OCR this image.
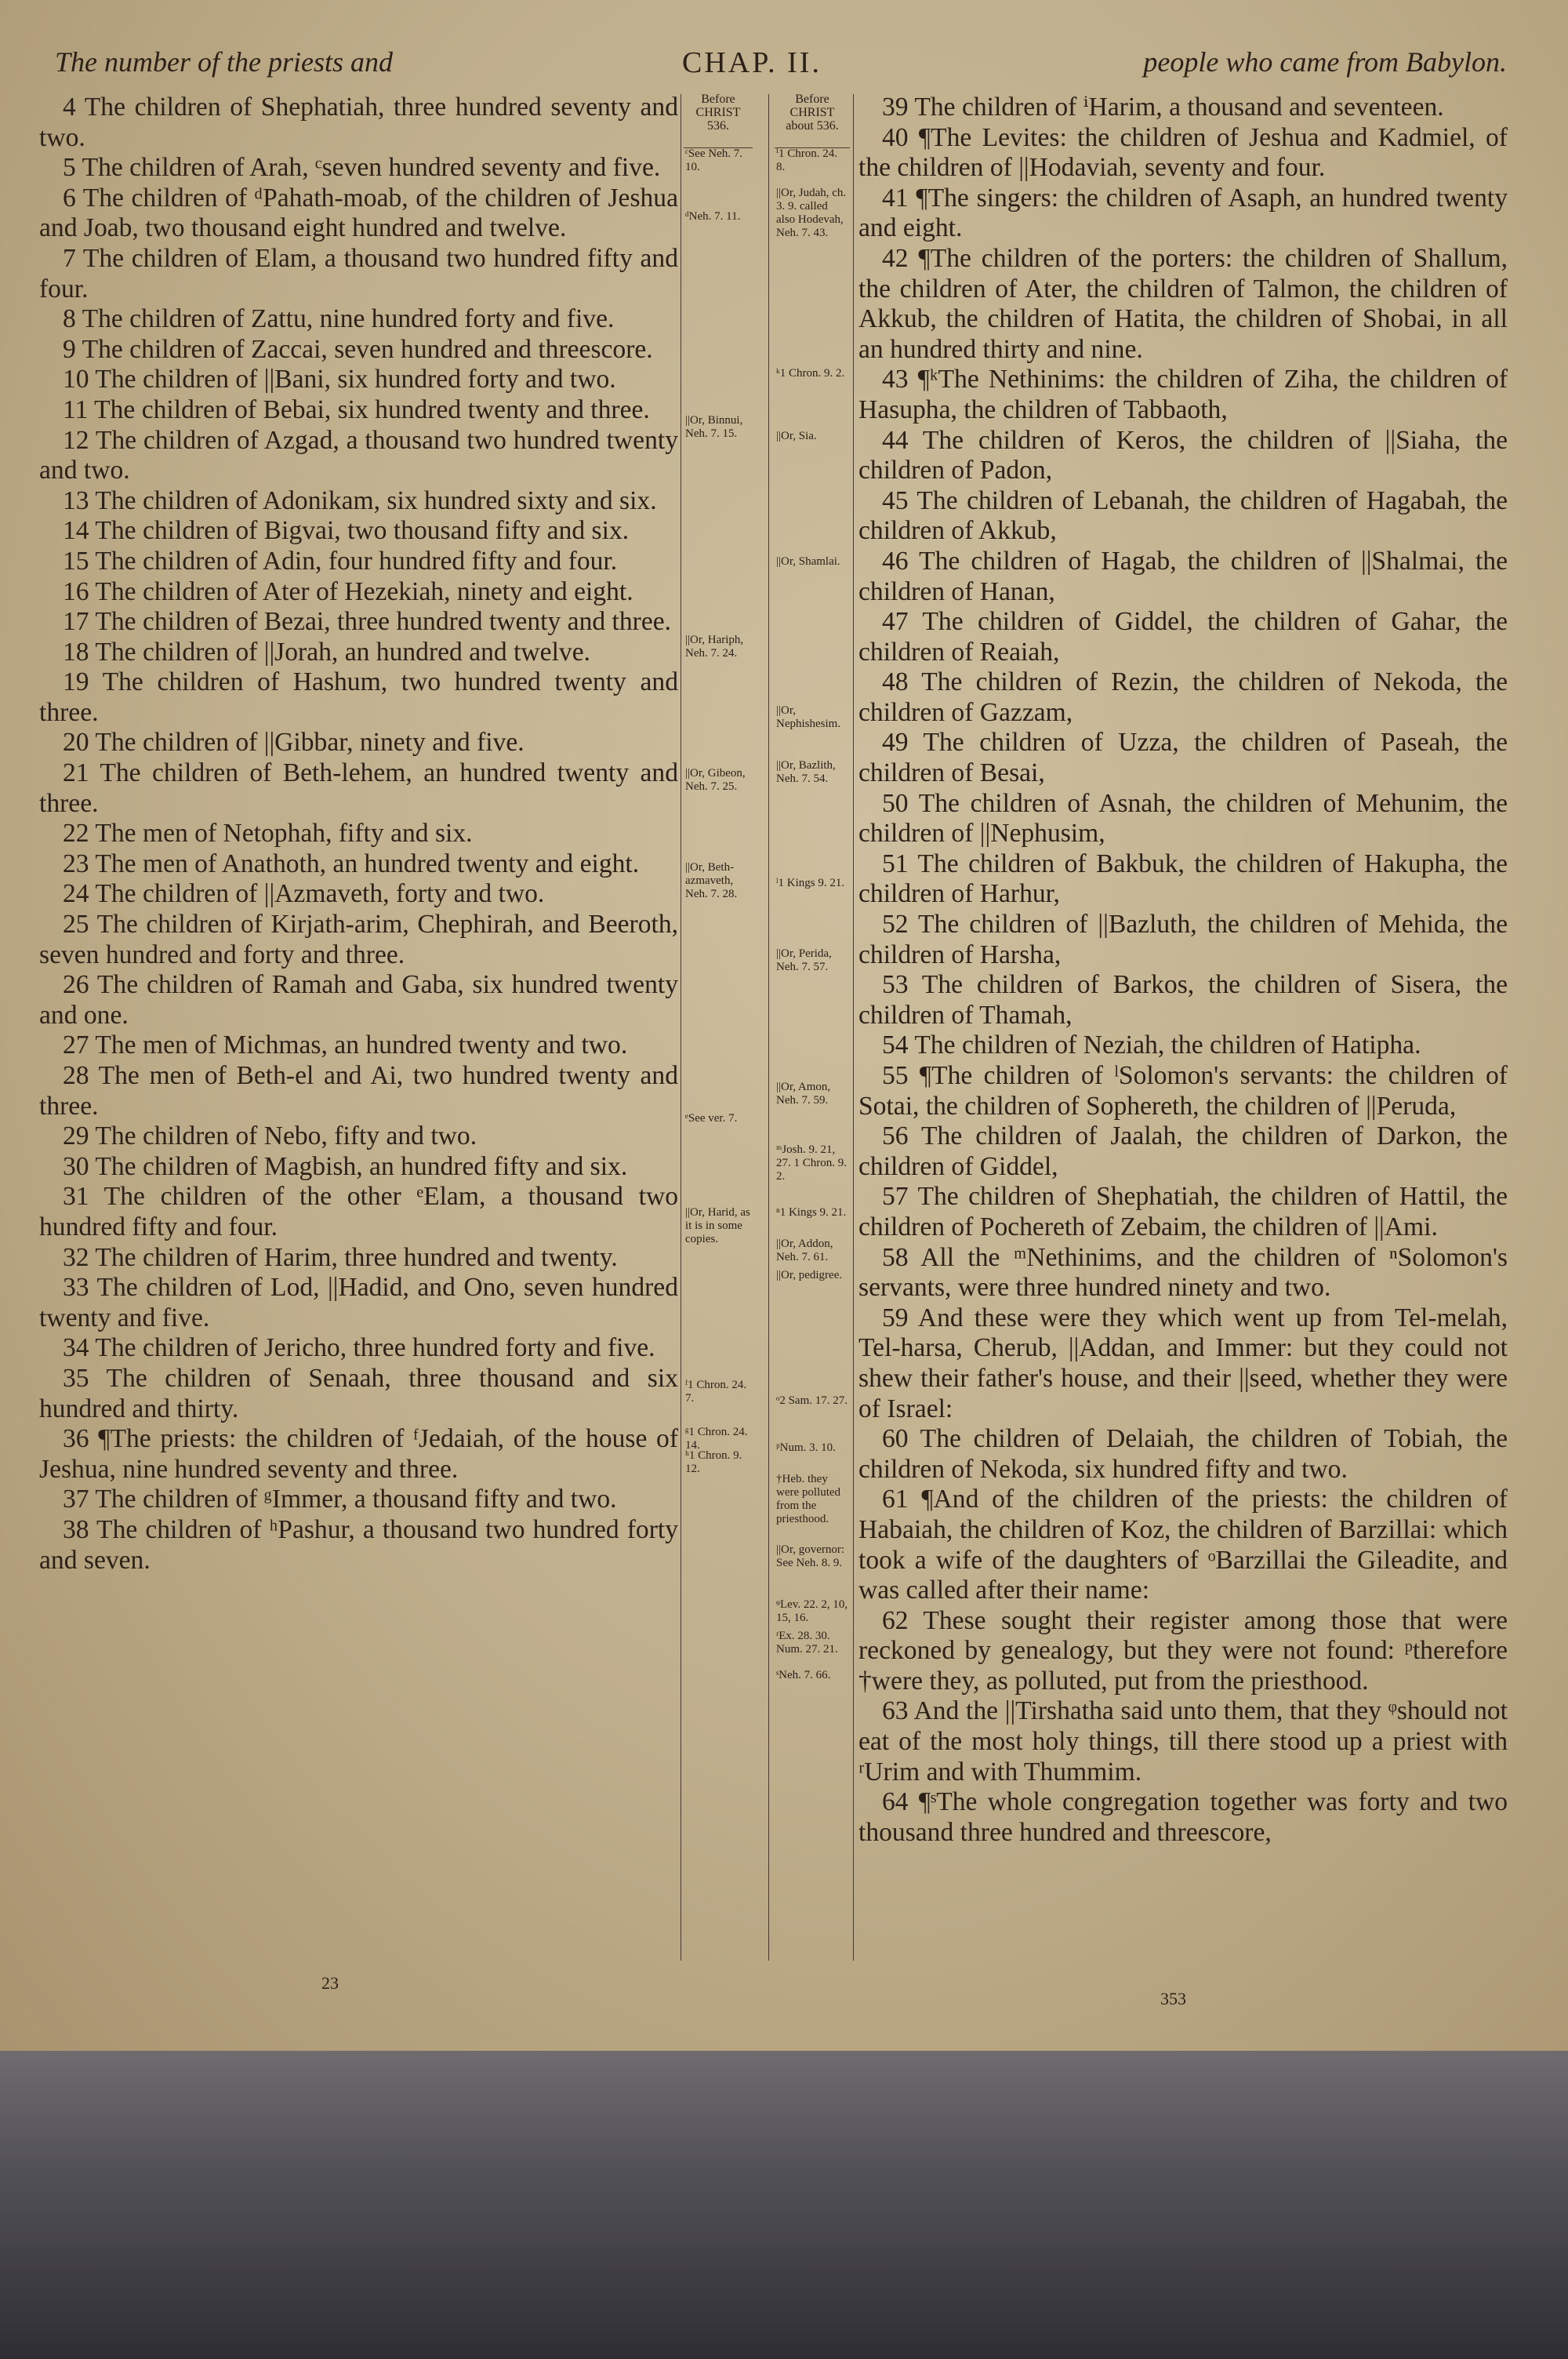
The number of the priests and	CHAP. II.	people who came from Babylon.

4 The children of Shephatiah, three hundred seventy and two.

5 The children of Arah, ᶜseven hundred seventy and five.

6 The children of ᵈPahath-moab, of the children of Jeshua and Joab, two thousand eight hundred and twelve.

7 The children of Elam, a thousand two hundred fifty and four.

8 The children of Zattu, nine hundred forty and five.

9 The children of Zaccai, seven hundred and threescore.

10 The children of ||Bani, six hundred forty and two.

11 The children of Bebai, six hundred twenty and three.

12 The children of Azgad, a thousand two hundred twenty and two.

13 The children of Adonikam, six hundred sixty and six.

14 The children of Bigvai, two thousand fifty and six.

15 The children of Adin, four hundred fifty and four.

16 The children of Ater of Hezekiah, ninety and eight.

17 The children of Bezai, three hundred twenty and three.

18 The children of ||Jorah, an hundred and twelve.

19 The children of Hashum, two hundred twenty and three.

20 The children of ||Gibbar, ninety and five.

21 The children of Beth-lehem, an hundred twenty and three.

22 The men of Netophah, fifty and six.

23 The men of Anathoth, an hundred twenty and eight.

24 The children of ||Azmaveth, forty and two.

25 The children of Kirjath-arim, Chephirah, and Beeroth, seven hundred and forty and three.

26 The children of Ramah and Gaba, six hundred twenty and one.

27 The men of Michmas, an hundred twenty and two.

28 The men of Beth-el and Ai, two hundred twenty and three.

29 The children of Nebo, fifty and two.

30 The children of Magbish, an hundred fifty and six.

31 The children of the other ᵉElam, a thousand two hundred fifty and four.

32 The children of Harim, three hundred and twenty.

33 The children of Lod, ||Hadid, and Ono, seven hundred twenty and five.

34 The children of Jericho, three hundred forty and five.

35 The children of Senaah, three thousand and six hundred and thirty.

36 ¶The priests: the children of ᶠJedaiah, of the house of Jeshua, nine hundred seventy and three.

37 The children of ᵍImmer, a thousand fifty and two.

38 The children of ʰPashur, a thousand two hundred forty and seven.

Before CHRIST 536.
ᶜSee Neh. 7. 10.
ᵈNeh. 7. 11.
||Or, Binnui, Neh. 7. 15.
||Or, Hariph, Neh. 7. 24.
||Or, Gibeon, Neh. 7. 25.
||Or, Beth-azmaveth, Neh. 7. 28.
ᵉSee ver. 7.
||Or, Harid, as it is in some copies.
ᶠ1 Chron. 24. 7.
ᵍ1 Chron. 24. 14.
ʰ1 Chron. 9. 12.
Before CHRIST about 536.
ⁱ1 Chron. 24. 8.
||Or, Judah, ch. 3. 9. called also Hodevah, Neh. 7. 43.
ᵏ1 Chron. 9. 2.
||Or, Sia.
||Or, Shamlai.
||Or, Nephishesim.
||Or, Bazlith, Neh. 7. 54.
ˡ1 Kings 9. 21.
||Or, Perida, Neh. 7. 57.
||Or, Amon, Neh. 7. 59.
ᵐJosh. 9. 21, 27. 1 Chron. 9. 2.
ⁿ1 Kings 9. 21.
||Or, Addon, Neh. 7. 61.
||Or, pedigree.
ᵒ2 Sam. 17. 27.
ᵖNum. 3. 10.
†Heb. they were polluted from the priesthood.
||Or, governor: See Neh. 8. 9.
ᵠLev. 22. 2, 10, 15, 16.
ʳEx. 28. 30. Num. 27. 21.
ˢNeh. 7. 66.

39 The children of ⁱHarim, a thousand and seventeen.

40 ¶The Levites: the children of Jeshua and Kadmiel, of the children of ||Hodaviah, seventy and four.

41 ¶The singers: the children of Asaph, an hundred twenty and eight.

42 ¶The children of the porters: the children of Shallum, the children of Ater, the children of Talmon, the children of Akkub, the children of Hatita, the children of Shobai, in all an hundred thirty and nine.

43 ¶ᵏThe Nethinims: the children of Ziha, the children of Hasupha, the children of Tabbaoth,

44 The children of Keros, the children of ||Siaha, the children of Padon,

45 The children of Lebanah, the children of Hagabah, the children of Akkub,

46 The children of Hagab, the children of ||Shalmai, the children of Hanan,

47 The children of Giddel, the children of Gahar, the children of Reaiah,

48 The children of Rezin, the children of Nekoda, the children of Gazzam,

49 The children of Uzza, the children of Paseah, the children of Besai,

50 The children of Asnah, the children of Mehunim, the children of ||Nephusim,

51 The children of Bakbuk, the children of Hakupha, the children of Harhur,

52 The children of ||Bazluth, the children of Mehida, the children of Harsha,

53 The children of Barkos, the children of Sisera, the children of Thamah,

54 The children of Neziah, the children of Hatipha.

55 ¶The children of ˡSolomon's servants: the children of Sotai, the children of Sophereth, the children of ||Peruda,

56 The children of Jaalah, the children of Darkon, the children of Giddel,

57 The children of Shephatiah, the children of Hattil, the children of Pochereth of Zebaim, the children of ||Ami.

58 All the ᵐNethinims, and the children of ⁿSolomon's servants, were three hundred ninety and two.

59 And these were they which went up from Tel-melah, Tel-harsa, Cherub, ||Addan, and Immer: but they could not shew their father's house, and their ||seed, whether they were of Israel:

60 The children of Delaiah, the children of Tobiah, the children of Nekoda, six hundred fifty and two.

61 ¶And of the children of the priests: the children of Habaiah, the children of Koz, the children of Barzillai: which took a wife of the daughters of ᵒBarzillai the Gileadite, and was called after their name:

62 These sought their register among those that were reckoned by genealogy, but they were not found: ᵖtherefore †were they, as polluted, put from the priesthood.

63 And the ||Tirshatha said unto them, that they ᵠshould not eat of the most holy things, till there stood up a priest with ʳUrim and with Thummim.

64 ¶ˢThe whole congregation together was forty and two thousand three hundred and threescore,

23
353
